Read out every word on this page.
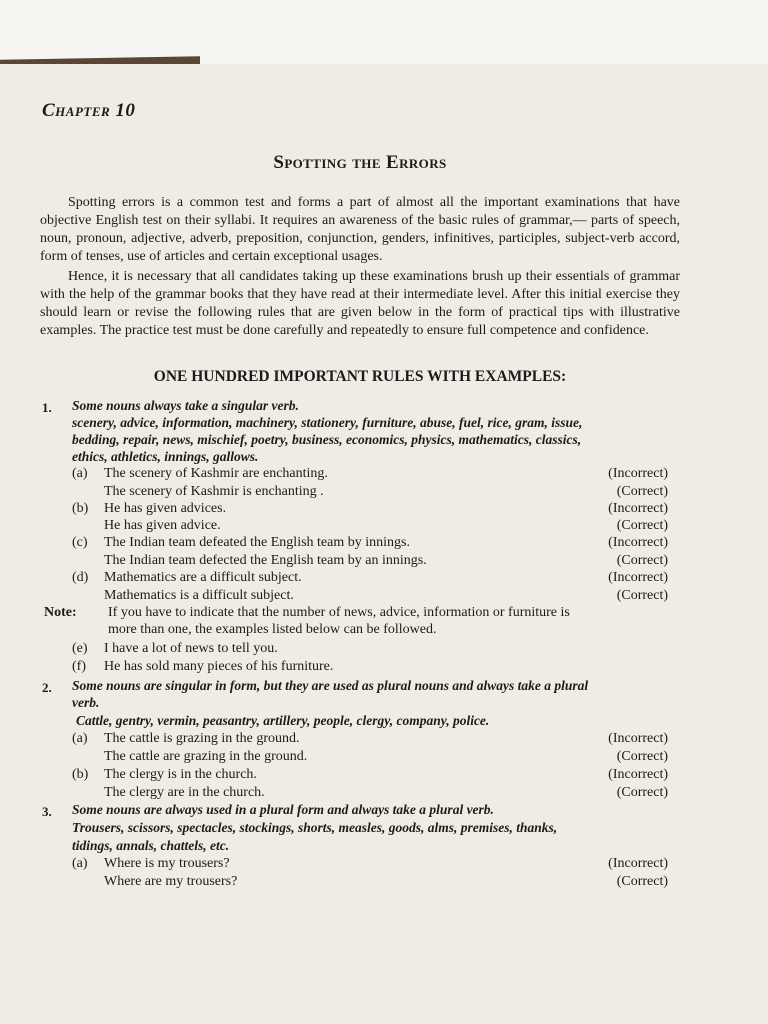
Chapter 10
Spotting the Errors
Spotting errors is a common test and forms a part of almost all the important examinations that have objective English test on their syllabi. It requires an awareness of the basic rules of grammar,— parts of speech, noun, pronoun, adjective, adverb, preposition, conjunction, genders, infinitives, participles, subject-verb accord, form of tenses, use of articles and certain exceptional usages.
Hence, it is necessary that all candidates taking up these examinations brush up their essentials of grammar with the help of the grammar books that they have read at their intermediate level. After this initial exercise they should learn or revise the following rules that are given below in the form of practical tips with illustrative examples. The practice test must be done carefully and repeatedly to ensure full competence and confidence.
ONE HUNDRED IMPORTANT RULES WITH EXAMPLES:
1. Some nouns always take a singular verb.
scenery, advice, information, machinery, stationery, furniture, abuse, fuel, rice, gram, issue,
bedding, repair, news, mischief, poetry, business, economics, physics, mathematics, classics,
ethics, athletics, innings, gallows.
(a) The scenery of Kashmir are enchanting.	(Incorrect)
The scenery of Kashmir is enchanting .	(Correct)
(b) He has given advices.	(Incorrect)
He has given advice.	(Correct)
(c) The Indian team defeated the English team by innings.	(Incorrect)
The Indian team defected the English team by an innings.	(Correct)
(d) Mathematics are a difficult subject.	(Incorrect)
Mathematics is a difficult subject.	(Correct)
Note: If you have to indicate that the number of news, advice, information or furniture is
more than one, the examples listed below can be followed.
(e) I have a lot of news to tell you.
(f) He has sold many pieces of his furniture.
2. Some nouns are singular in form, but they are used as plural nouns and always take a plural
verb.
Cattle, gentry, vermin, peasantry, artillery, people, clergy, company, police.
(a) The cattle is grazing in the ground.	(Incorrect)
The cattle are grazing in the ground.	(Correct)
(b) The clergy is in the church.	(Incorrect)
The clergy are in the church.	(Correct)
3. Some nouns are always used in a plural form and always take a plural verb.
Trousers, scissors, spectacles, stockings, shorts, measles, goods, alms, premises, thanks,
tidings, annals, chattels, etc.
(a) Where is my trousers?	(Incorrect)
Where are my trousers?	(Correct)
